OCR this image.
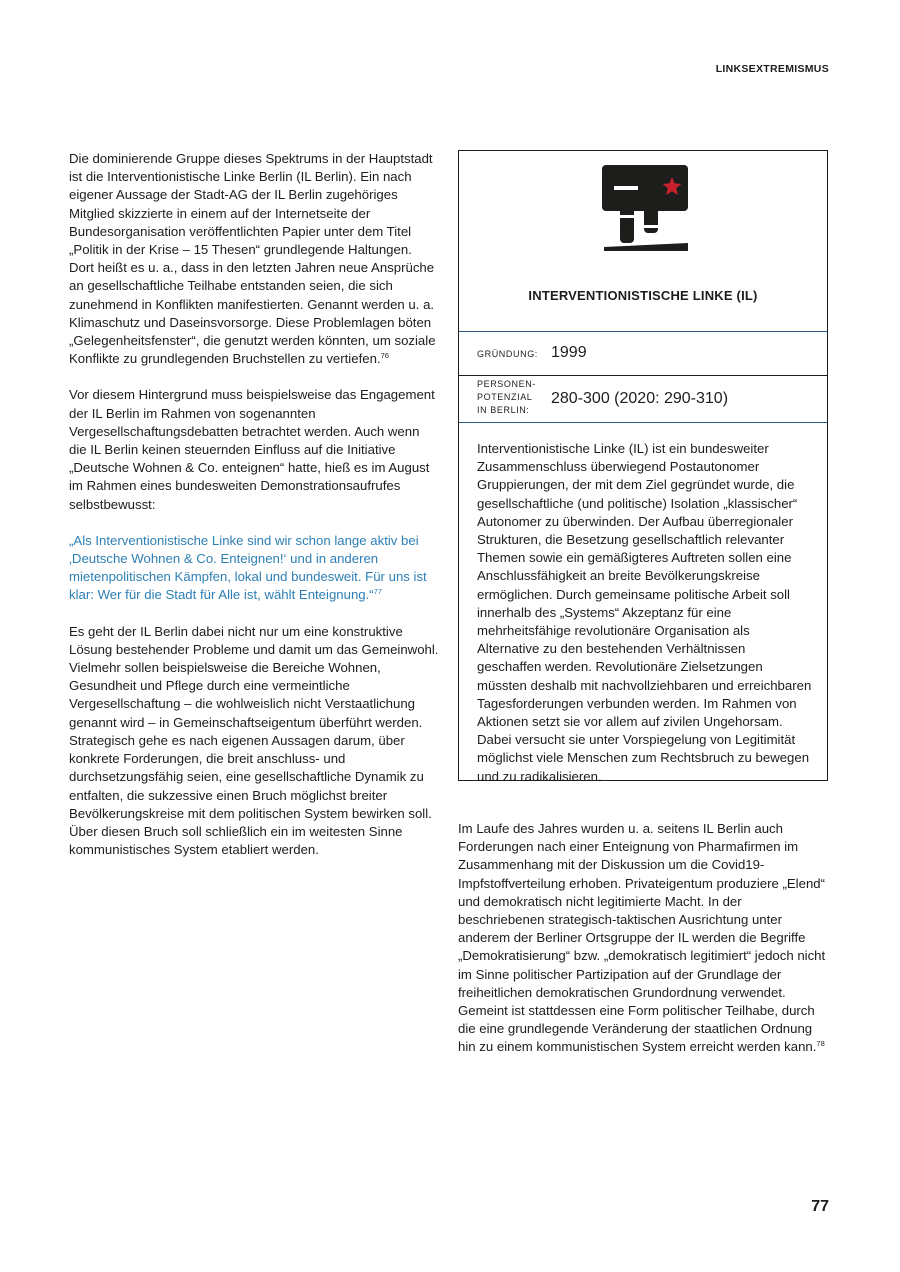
LINKSEXTREMISMUS

Die dominierende Gruppe dieses Spektrums in der Hauptstadt ist die Interventionistische Linke Berlin (IL Berlin). Ein nach eigener Aussage der Stadt-AG der IL Berlin zugehöriges Mitglied skizzierte in einem auf der Internetseite der Bundesorganisation veröffentlichten Papier unter dem Titel „Politik in der Krise – 15 Thesen“ grundlegende Haltungen. Dort heißt es u. a., dass in den letzten Jahren neue Ansprüche an gesellschaftliche Teilhabe entstanden seien, die sich zunehmend in Konflikten manifestierten. Genannt werden u. a. Klimaschutz und Daseinsvorsorge. Diese Problemlagen böten „Gelegenheitsfenster“, die genutzt werden könnten, um soziale Konflikte zu grundlegenden Bruchstellen zu vertiefen.$^{76}$

Vor diesem Hintergrund muss beispielsweise das Engagement der IL Berlin im Rahmen von sogenannten Vergesellschaftungsdebatten betrachtet werden. Auch wenn die IL Berlin keinen steuernden Einfluss auf die Initiative „Deutsche Wohnen & Co. enteignen“ hatte, hieß es im August im Rahmen eines bundesweiten Demonstrationsaufrufes selbstbewusst:

„Als Interventionistische Linke sind wir schon lange aktiv bei ‚Deutsche Wohnen & Co. Enteignen!‘ und in anderen mietenpolitischen Kämpfen, lokal und bundesweit. Für uns ist klar: Wer für die Stadt für Alle ist, wählt Enteignung.“$^{77}$

Es geht der IL Berlin dabei nicht nur um eine konstruktive Lösung bestehender Probleme und damit um das Gemeinwohl. Vielmehr sollen beispielsweise die Bereiche Wohnen, Gesundheit und Pflege durch eine vermeintliche Vergesellschaftung – die wohlweislich nicht Verstaatlichung genannt wird – in Gemeinschaftseigentum überführt werden. Strategisch gehe es nach eigenen Aussagen darum, über konkrete Forderungen, die breit anschluss- und durchsetzungsfähig seien, eine gesellschaftliche Dynamik zu entfalten, die sukzessive einen Bruch möglichst breiter Bevölkerungskreise mit dem politischen System bewirken soll. Über diesen Bruch soll schließlich ein im weitesten Sinne kommunistisches System etabliert werden.

INTERVENTIONISTISCHE LINKE (IL)
GRÜNDUNG: 1999
PERSONEN-
POTENZIAL
IN BERLIN:
280-300 (2020: 290-310)
Interventionistische Linke (IL) ist ein bundesweiter Zusammenschluss überwiegend Postautonomer Gruppierungen, der mit dem Ziel gegründet wurde, die gesellschaftliche (und politische) Isolation „klassischer“ Autonomer zu überwinden. Der Aufbau überregionaler Strukturen, die Besetzung gesellschaftlich relevanter Themen sowie ein gemäßigteres Auftreten sollen eine Anschlussfähigkeit an breite Bevölkerungskreise ermöglichen. Durch gemeinsame politische Arbeit soll innerhalb des „Systems“ Akzeptanz für eine mehrheitsfähige revolutionäre Organisation als Alternative zu den bestehenden Verhältnissen geschaffen werden. Revolutionäre Zielsetzungen müssten deshalb mit nachvollziehbaren und erreichbaren Tagesforderungen verbunden werden. Im Rahmen von Aktionen setzt sie vor allem auf zivilen Ungehorsam. Dabei versucht sie unter Vorspiegelung von Legitimität möglichst viele Menschen zum Rechtsbruch zu bewegen und zu radikalisieren.

Im Laufe des Jahres wurden u. a. seitens IL Berlin auch Forderungen nach einer Enteignung von Pharmafirmen im Zusammenhang mit der Diskussion um die Covid19-Impfstoffverteilung erhoben. Privateigentum produziere „Elend“ und demokratisch nicht legitimierte Macht. In der beschriebenen strategisch-taktischen Ausrichtung unter anderem der Berliner Ortsgruppe der IL werden die Begriffe „Demokratisierung“ bzw. „demokratisch legitimiert“ jedoch nicht im Sinne politischer Partizipation auf der Grundlage der freiheitlichen demokratischen Grundordnung verwendet. Gemeint ist stattdessen eine Form politischer Teilhabe, durch die eine grundlegende Veränderung der staatlichen Ordnung hin zu einem kommunistischen System erreicht werden kann.$^{78}$

77
